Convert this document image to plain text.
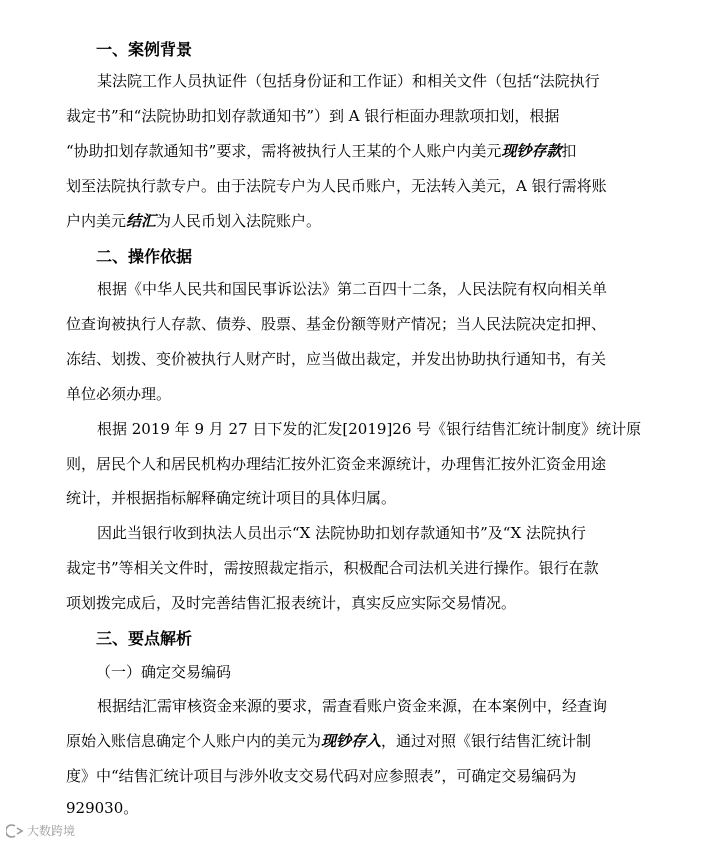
一、案例背景
某法院工作人员执证件（包括身份证和工作证）和相关文件（包括“法院执行
裁定书”和“法院协助扣划存款通知书”）到 A 银行柜面办理款项扣划，根据
“协助扣划存款通知书”要求，需将被执行人王某的个人账户内美元现钞存款扣
划至法院执行款专户。由于法院专户为人民币账户，无法转入美元，A 银行需将账
户内美元结汇为人民币划入法院账户。
二、操作依据
根据《中华人民共和国民事诉讼法》第二百四十二条，人民法院有权向相关单
位查询被执行人存款、债券、股票、基金份额等财产情况；当人民法院决定扣押、
冻结、划拨、变价被执行人财产时，应当做出裁定，并发出协助执行通知书，有关
单位必须办理。
根据 2019 年 9 月 27 日下发的汇发[2019]26 号《银行结售汇统计制度》统计原
则，居民个人和居民机构办理结汇按外汇资金来源统计，办理售汇按外汇资金用途
统计，并根据指标解释确定统计项目的具体归属。
因此当银行收到执法人员出示“X 法院协助扣划存款通知书”及“X 法院执行
裁定书”等相关文件时，需按照裁定指示，积极配合司法机关进行操作。银行在款
项划拨完成后，及时完善结售汇报表统计，真实反应实际交易情况。
三、要点解析
（一）确定交易编码
根据结汇需审核资金来源的要求，需查看账户资金来源，在本案例中，经查询
原始入账信息确定个人账户内的美元为现钞存入，通过对照《银行结售汇统计制
度》中“结售汇统计项目与涉外收支交易代码对应参照表”，可确定交易编码为
929030。
大数跨境
